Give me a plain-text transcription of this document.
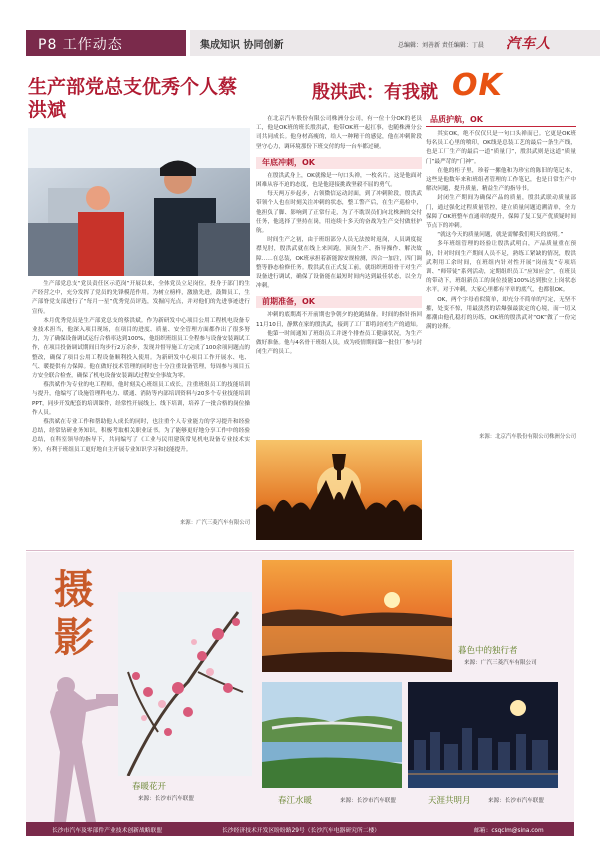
P8 工作动态	集成知识 协同创新	总编辑：刘善新 责任编辑：丁晨 汽车人
生产部党总支优秀个人蔡洪斌

生产部党总支“党员责任区示范岗”开展以来，全体党员立足岗位，投身于部门的生产经营之中，充分发挥了党员的先锋模范作用。为树立榜样，激励先进，鼓舞员工，生产部脊党支部进行了“每月一星”优秀党员评选，发掘闪光点，并对他们的先进事迹进行宣传。

本月优秀党员是生产部党总支的蔡洪斌。作为新研发中心项目公用工程机电设备专业技术担当，他深入项目现场，在项目的进度、质量、安全管理方面都作出了很多努力，为了确保设备调试运行合格率达到100%，他组织班组员工全程参与设备安装调试工作，在项目投备调试期间日均步行2万余步，发现并督导施工方完成了100余项问题点的整改，确保了项目公用工程设备顺利投入使用。为新研发中心项目工作开展水、电、气、暖提供有力保障。他在做好技术管理的同时也十分注重设备管理，每周参与项目五方安全联合检查，确保了机电设备安装调试过程安全事故为零。

蔡洪斌作为专业的电工程师，他时刻关心班组员工成长，注重班组员工的技能培训与提升，他编写了设施管理科电力、暖通、消防等内部培训资料与20多个专业技能培训PPT，同步开发配套的培训课件，经常性开展线上、线下培训，培养了一批合格的岗位操作人员。

蔡洪斌在专业工作和帮助他人成长的同时，也注重个人专业能力的学习提升和经验总结，经常钻研业务知识，积极考取相关职业证书。为了能够更好地分享工作中的经验总结，在科室领导的指导下，共同编写了《工业与民用建筑常见机电设备专业技术实务》，有利于班组员工更好地自主开展专业知识学习和技能提升。

来源：广汽三菱汽车有限公司
殷洪武：有我就 OK

在北京汽车股份有限公司株洲分公司，有一位十分OK的老员工，他是OK班的班长殷洪武，他带OK班一起扛事，也随株洲分公司共同成长。他身材高瘦的，给人一种精干的感觉，他在冲刺阶段坚守心力，调环境那份下班交付的每一台车都过硬。

年底冲刺，OK

在殷洪武身上，OK就像是一句口头禅，一枚名片。这是他面对困难从容不迫的态度，也是他迎接挑战坚毅不屈的勇气。

每天两万步起步，占领微信运动封面，到了冲刺阶段，殷洪武带领个人也在时刻关注冲刺的状态，整工警产后，在生产巡检中，他担负了脚、影响到了正常行走，为了不耽误员们向北株洲的交付任务，他选择了坚持在岗，用连续十多天的奋战为生产交付做驻护航。

时间生产之初，由于班组部分人员无法按时返岗，人员调度捉襟见肘，殷洪武就在线上来回跑，顶岗生产、指导操作、解决故障……在总装，OK班承担着新能源安规检测，四合一加注，四门调整等静态检修任务。殷洪武在正式复工前，就组织班组骨干对生产设备进行调试，确保了设备能在最短时间内达到最佳状态，以全力冲刺。

前期准备，OK

冲刺的底期离不开前期也争朝夕的抢跑储备。时间的指针指回11月10日，静默在家的殷洪武，接到了工厂即将封闭生产的通知。

他第一时间通知了班组员工并逐个排查员工健康状况，为生产做好准备。他与4名骨干班组人员，成为疫情期间第一批住厂参与封闭生产的员工。

品质护航，OK

其实OK，绝不仅仅只是一句口头禅而已。它更是OK班每名员工心里的喷印，OK线是总装工艺的最后一条生产线，也是工厂生产的最后一道“质量门”，殷洪武则是这道“质量门”最严苛的“门神”。

在他的柜子里，珍着一摞他和为珍宝的陈旧的笔记本，这些是他数年来和班组者管理的工作笔记，也是日常生产中解决问题，提升质量，精益生产的指导书。

封闭生产期间为确保产品的质量，殷洪武联动质量部门，通过强化过程质量管控，建立质量问题追溯清单，全力保障了OK班整车直通率的提升，保障了复工复产优质疑时间节点下的冲刺。

“就这今天的质量问题，就是需解我们明天的放明。”

多年班组管理的经验让殷洪武明白，产品质量重在预防，针对时间生产期间人员不足，熟练工紧缺的情况，殷洪武利用工余时间，在班组内针对性开展“岗前发”专项培训、“师带徒”系列活动，定期组织员工“应知应会”，在班员的带动下，班组新员工的岗位技能100%达到独立上岗状态水平。对于冲刺，大家心里都有平章的底气，也都很OK。

OK，两个字母看似简单，却充分不简单的写定，无坚不摧，处变不惊，用最淡然的话爆强最淡定的心境，而一切又都潮由他孔稳打的历练，OK班的殷洪武对“OK”做了一份完满的诠释。

来源：北京汽车股份有限公司株洲分公司
摄
影
春暖花开
来源：长沙市汽车联盟
暮色中的独行者
来源：广汽三菱汽车有限公司
春江水暖	来源：长沙市汽车联盟	天涯共明月	来源：长沙市汽车联盟
长沙市汽车及零部件产业技术创新战略联盟	长沙经济技术开发区盼盼路29号（长沙汽车电器研究所二楼）	邮箱：csqclm@sina.com
